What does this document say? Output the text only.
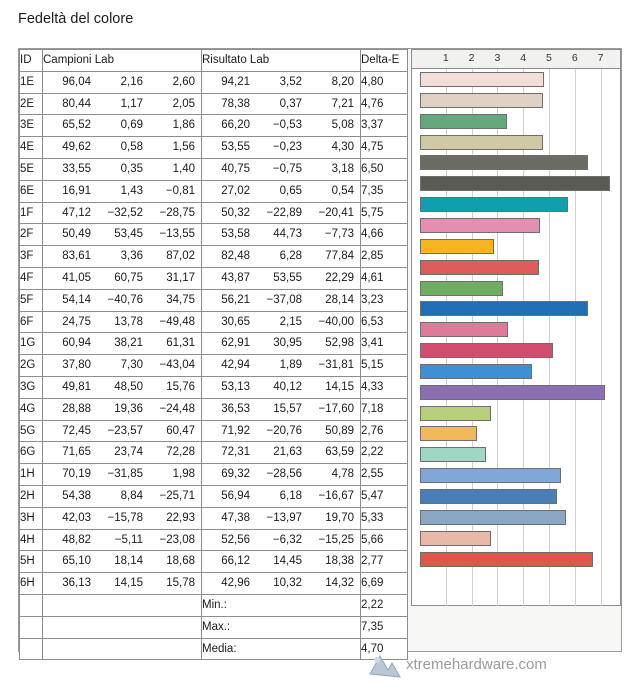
Fedeltà del colore
ID	Campioni Lab	Risultato Lab	Delta-E
1E	96,04 2,16 2,60	94,21 3,52 8,20	4,80
2E	80,44 1,17 2,05	78,38 0,37 7,21	4,76
3E	65,52 0,69 1,86	66,20 −0,53 5,08	3,37
4E	49,62 0,58 1,56	53,55 −0,23 4,30	4,75
5E	33,55 0,35 1,40	40,75 −0,75 3,18	6,50
6E	16,91 1,43 −0,81	27,02 0,65 0,54	7,35
1F	47,12 −32,52 −28,75	50,32 −22,89 −20,41	5,75
2F	50,49 53,45 −13,55	53,58 44,73 −7,73	4,66
3F	83,61 3,36 87,02	82,48 6,28 77,84	2,85
4F	41,05 60,75 31,17	43,87 53,55 22,29	4,61
5F	54,14 −40,76 34,75	56,21 −37,08 28,14	3,23
6F	24,75 13,78 −49,48	30,65 2,15 −40,00	6,53
1G	60,94 38,21 61,31	62,91 30,95 52,98	3,41
2G	37,80 7,30 −43,04	42,94 1,89 −31,81	5,15
3G	49,81 48,50 15,76	53,13 40,12 14,15	4,33
4G	28,88 19,36 −24,48	36,53 15,57 −17,60	7,18
5G	72,45 −23,57 60,47	71,92 −20,76 50,89	2,76
6G	71,65 23,74 72,28	72,31 21,63 63,59	2,22
1H	70,19 −31,85 1,98	69,32 −28,56 4,78	2,55
2H	54,38 8,84 −25,71	56,94 6,18 −16,67	5,47
3H	42,03 −15,78 22,93	47,38 −13,97 19,70	5,33
4H	48,82 −5,11 −23,08	52,56 −6,32 −15,25	5,66
5H	65,10 18,14 18,68	66,12 14,45 18,38	2,77
6H	36,13 14,15 15,78	42,96 10,32 14,32	6,69
		Min.:	2,22
		Max.:	7,35
		Media:	4,70
1 2 3 4 5 6 7
xtremehardware.com
